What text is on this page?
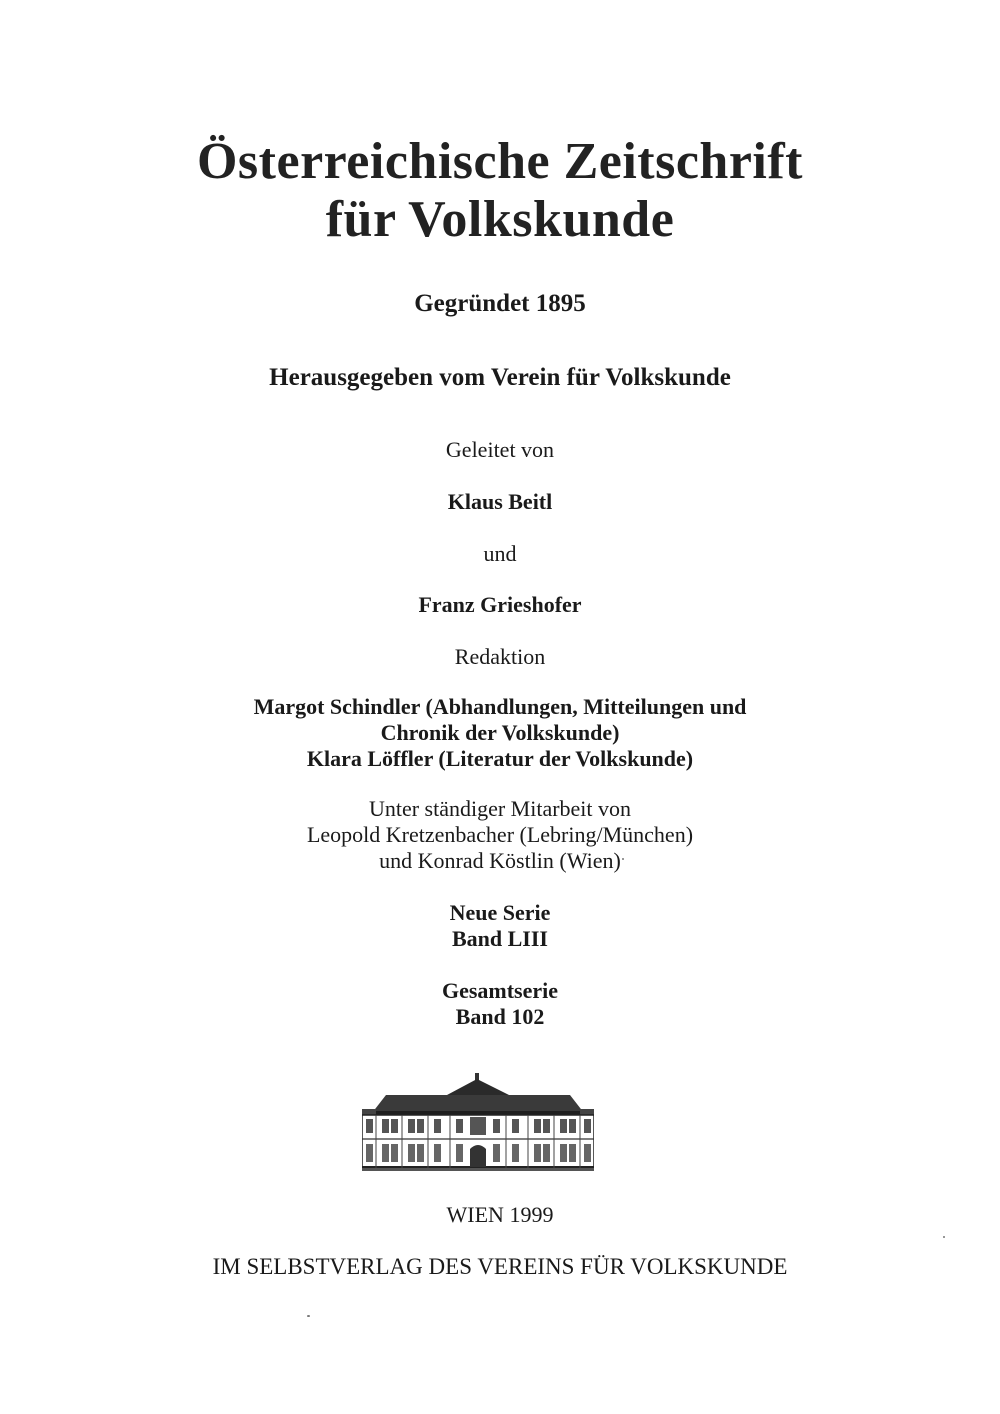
Österreichische Zeitschrift
für Volkskunde
Gegründet 1895
Herausgegeben vom Verein für Volkskunde
Geleitet von
Klaus Beitl
und
Franz Grieshofer
Redaktion
Margot Schindler (Abhandlungen, Mitteilungen und
Chronik der Volkskunde)
Klara Löffler (Literatur der Volkskunde)
Unter ständiger Mitarbeit von
Leopold Kretzenbacher (Lebring/München)
und Konrad Köstlin (Wien)
Neue Serie
Band LIII
Gesamtserie
Band 102
WIEN 1999
IM SELBSTVERLAG DES VEREINS FÜR VOLKSKUNDE
